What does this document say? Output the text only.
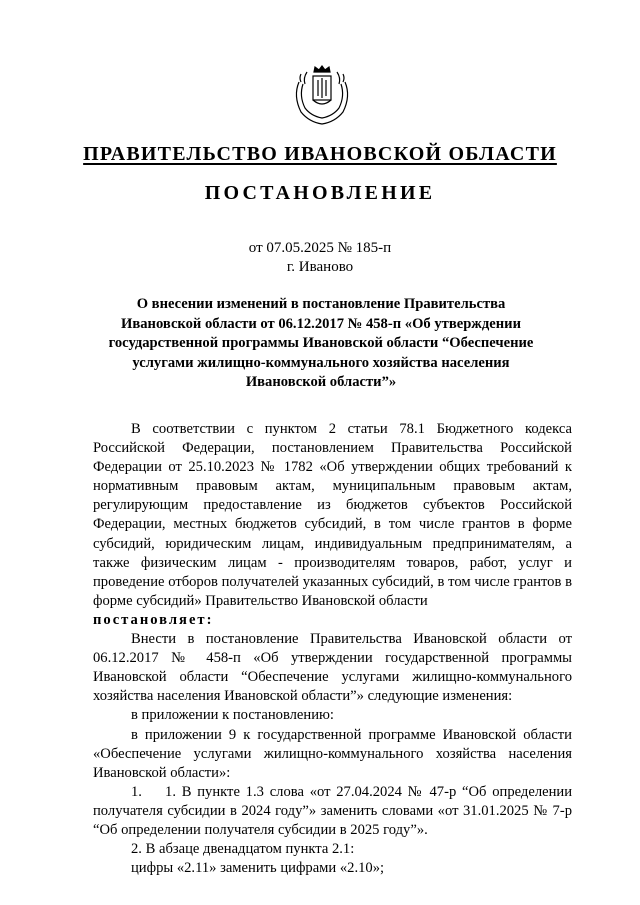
ПРАВИТЕЛЬСТВО ИВАНОВСКОЙ ОБЛАСТИ
ПОСТАНОВЛЕНИЕ
от 07.05.2025 № 185-п
г. Иваново
О внесении изменений в постановление Правительства Ивановской области от 06.12.2017 № 458-п «Об утверждении государственной программы Ивановской области “Обеспечение услугами жилищно-коммунального хозяйства населения Ивановской области”»

В соответствии с пунктом 2 статьи 78.1 Бюджетного кодекса Российской Федерации, постановлением Правительства Российской Федерации от 25.10.2023 № 1782 «Об утверждении общих требований к нормативным правовым актам, муниципальным правовым актам, регулирующим предоставление из бюджетов субъектов Российской Федерации, местных бюджетов субсидий, в том числе грантов в форме субсидий, юридическим лицам, индивидуальным предпринимателям, а также физическим лицам - производителям товаров, работ, услуг и проведение отборов получателей указанных субсидий, в том числе грантов в форме субсидий» Правительство Ивановской области

постановляет:

Внести в постановление Правительства Ивановской области от 06.12.2017 № 458-п «Об утверждении государственной программы Ивановской области “Обеспечение услугами жилищно-коммунального хозяйства населения Ивановской области”» следующие изменения:

в приложении к постановлению:

в приложении 9 к государственной программе Ивановской области «Обеспечение услугами жилищно-коммунального хозяйства населения Ивановской области»:

1. 1. В пункте 1.3 слова «от 27.04.2024 № 47-р “Об определении получателя субсидии в 2024 году”» заменить словами «от 31.01.2025 № 7-р “Об определении получателя субсидии в 2025 году”».

2. В абзаце двенадцатом пункта 2.1:

цифры «2.11» заменить цифрами «2.10»;
